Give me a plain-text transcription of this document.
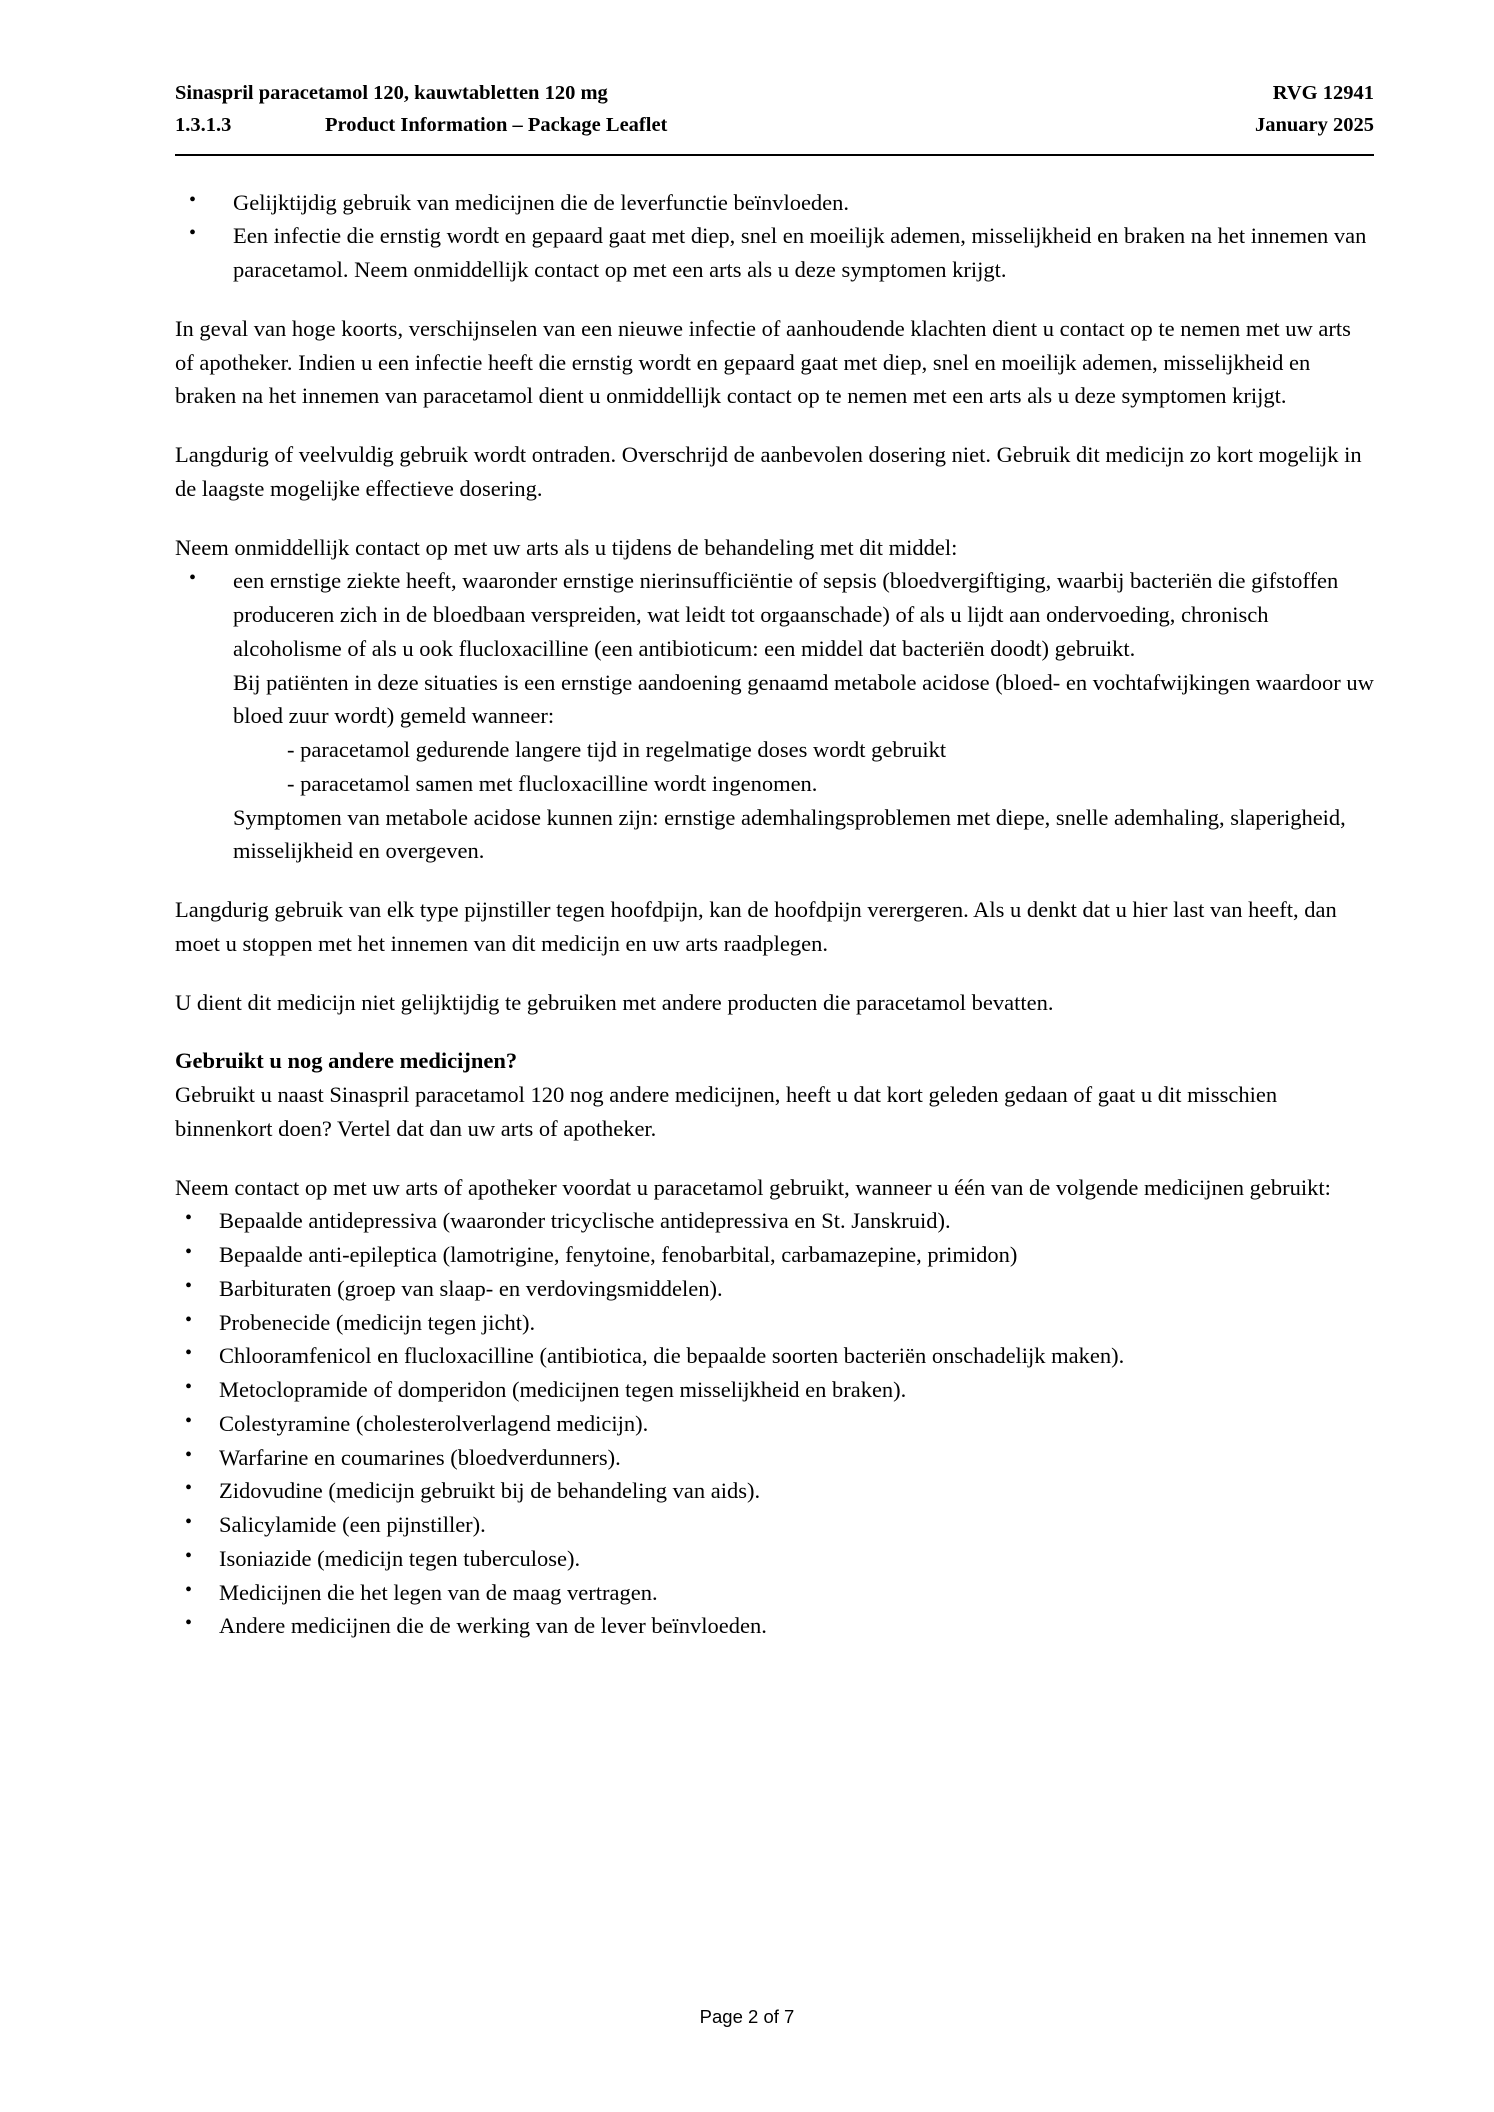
Sinaspril paracetamol 120, kauwtabletten 120 mg	RVG 12941
1.3.1.3	Product Information – Package Leaflet	January 2025
• Gelijktijdig gebruik van medicijnen die de leverfunctie beïnvloeden.
• Een infectie die ernstig wordt en gepaard gaat met diep, snel en moeilijk ademen, misselijkheid en braken na het innemen van paracetamol. Neem onmiddellijk contact op met een arts als u deze symptomen krijgt.

In geval van hoge koorts, verschijnselen van een nieuwe infectie of aanhoudende klachten dient u contact op te nemen met uw arts of apotheker. Indien u een infectie heeft die ernstig wordt en gepaard gaat met diep, snel en moeilijk ademen, misselijkheid en braken na het innemen van paracetamol dient u onmiddellijk contact op te nemen met een arts als u deze symptomen krijgt.

Langdurig of veelvuldig gebruik wordt ontraden. Overschrijd de aanbevolen dosering niet. Gebruik dit medicijn zo kort mogelijk in de laagste mogelijke effectieve dosering.

Neem onmiddellijk contact op met uw arts als u tijdens de behandeling met dit middel:

• een ernstige ziekte heeft, waaronder ernstige nierinsufficiëntie of sepsis (bloedvergiftiging, waarbij bacteriën die gifstoffen produceren zich in de bloedbaan verspreiden, wat leidt tot orgaanschade) of als u lijdt aan ondervoeding, chronisch alcoholisme of als u ook flucloxacilline (een antibioticum: een middel dat bacteriën doodt) gebruikt.
Bij patiënten in deze situaties is een ernstige aandoening genaamd metabole acidose (bloed- en vochtafwijkingen waardoor uw bloed zuur wordt) gemeld wanneer:
- paracetamol gedurende langere tijd in regelmatige doses wordt gebruikt
- paracetamol samen met flucloxacilline wordt ingenomen.
Symptomen van metabole acidose kunnen zijn: ernstige ademhalingsproblemen met diepe, snelle ademhaling, slaperigheid, misselijkheid en overgeven.

Langdurig gebruik van elk type pijnstiller tegen hoofdpijn, kan de hoofdpijn verergeren. Als u denkt dat u hier last van heeft, dan moet u stoppen met het innemen van dit medicijn en uw arts raadplegen.

U dient dit medicijn niet gelijktijdig te gebruiken met andere producten die paracetamol bevatten.

Gebruikt u nog andere medicijnen?

Gebruikt u naast Sinaspril paracetamol 120 nog andere medicijnen, heeft u dat kort geleden gedaan of gaat u dit misschien binnenkort doen? Vertel dat dan uw arts of apotheker.

Neem contact op met uw arts of apotheker voordat u paracetamol gebruikt, wanneer u één van de volgende medicijnen gebruikt:

• Bepaalde antidepressiva (waaronder tricyclische antidepressiva en St. Janskruid).
• Bepaalde anti-epileptica (lamotrigine, fenytoine, fenobarbital, carbamazepine, primidon)
• Barbituraten (groep van slaap- en verdovingsmiddelen).
• Probenecide (medicijn tegen jicht).
• Chlooramfenicol en flucloxacilline (antibiotica, die bepaalde soorten bacteriën onschadelijk maken).
• Metoclopramide of domperidon (medicijnen tegen misselijkheid en braken).
• Colestyramine (cholesterolverlagend medicijn).
• Warfarine en coumarines (bloedverdunners).
• Zidovudine (medicijn gebruikt bij de behandeling van aids).
• Salicylamide (een pijnstiller).
• Isoniazide (medicijn tegen tuberculose).
• Medicijnen die het legen van de maag vertragen.
• Andere medicijnen die de werking van de lever beïnvloeden.
Page 2 of 7
